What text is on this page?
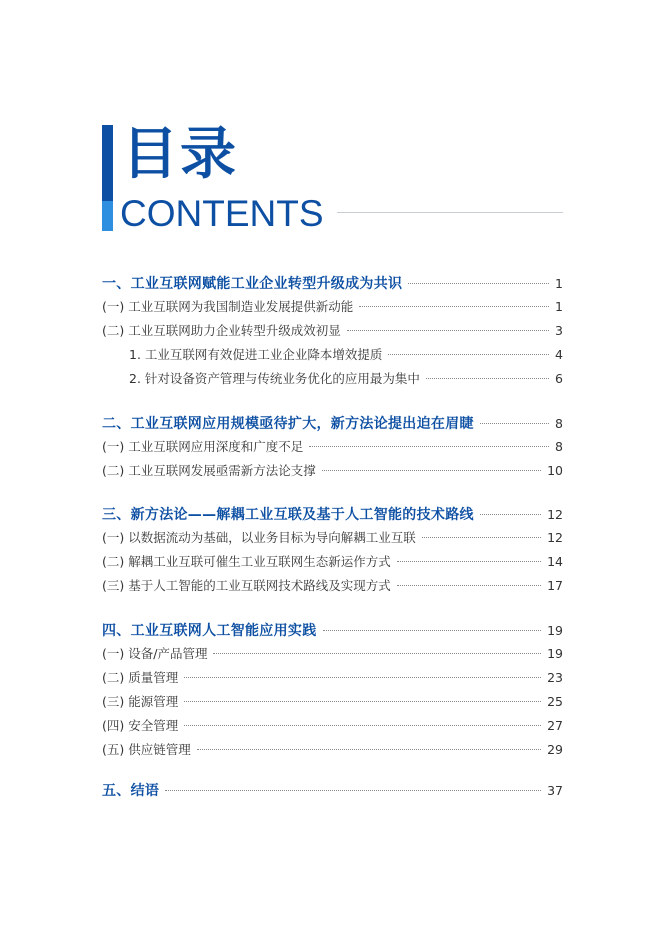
目录
CONTENTS
一、工业互联网赋能工业企业转型升级成为共识	1
(一) 工业互联网为我国制造业发展提供新动能	1
(二) 工业互联网助力企业转型升级成效初显	3
1. 工业互联网有效促进工业企业降本增效提质	4
2. 针对设备资产管理与传统业务优化的应用最为集中	6
二、工业互联网应用规模亟待扩大，新方法论提出迫在眉睫	8
(一) 工业互联网应用深度和广度不足	8
(二) 工业互联网发展亟需新方法论支撑	10
三、新方法论——解耦工业互联及基于人工智能的技术路线	12
(一) 以数据流动为基础，以业务目标为导向解耦工业互联	12
(二) 解耦工业互联可催生工业互联网生态新运作方式	14
(三) 基于人工智能的工业互联网技术路线及实现方式	17
四、工业互联网人工智能应用实践	19
(一) 设备/产品管理	19
(二) 质量管理	23
(三) 能源管理	25
(四) 安全管理	27
(五) 供应链管理	29
五、结语	37
